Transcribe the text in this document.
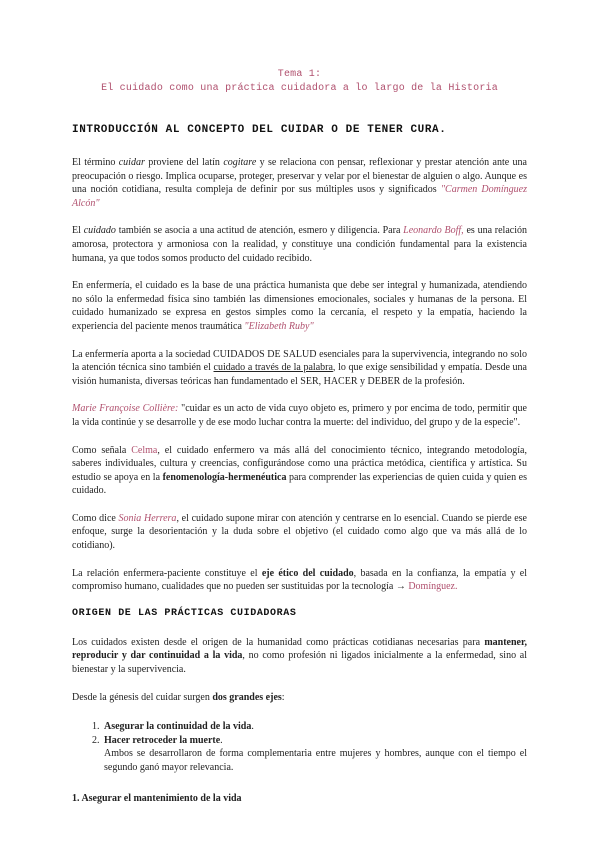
Tema 1:
El cuidado como una práctica cuidadora a lo largo de la Historia
INTRODUCCIÓN AL CONCEPTO DEL CUIDAR O DE TENER CURA.

El término cuidar proviene del latín cogitare y se relaciona con pensar, reflexionar y prestar atención ante una preocupación o riesgo. Implica ocuparse, proteger, preservar y velar por el bienestar de alguien o algo. Aunque es una noción cotidiana, resulta compleja de definir por sus múltiples usos y significados "Carmen Domínguez Alcón"

El cuidado también se asocia a una actitud de atención, esmero y diligencia. Para Leonardo Boff, es una relación amorosa, protectora y armoniosa con la realidad, y constituye una condición fundamental para la existencia humana, ya que todos somos producto del cuidado recibido.

En enfermería, el cuidado es la base de una práctica humanista que debe ser integral y humanizada, atendiendo no sólo la enfermedad física sino también las dimensiones emocionales, sociales y humanas de la persona. El cuidado humanizado se expresa en gestos simples como la cercanía, el respeto y la empatía, haciendo la experiencia del paciente menos traumática "Elizabeth Ruby"

La enfermería aporta a la sociedad CUIDADOS DE SALUD esenciales para la supervivencia, integrando no solo la atención técnica sino también el cuidado a través de la palabra, lo que exige sensibilidad y empatía. Desde una visión humanista, diversas teóricas han fundamentado el SER, HACER y DEBER de la profesión.

Marie Françoise Collière: "cuidar es un acto de vida cuyo objeto es, primero y por encima de todo, permitir que la vida continúe y se desarrolle y de ese modo luchar contra la muerte: del individuo, del grupo y de la especie".

Como señala Celma, el cuidado enfermero va más allá del conocimiento técnico, integrando metodología, saberes individuales, cultura y creencias, configurándose como una práctica metódica, científica y artística. Su estudio se apoya en la fenomenología-hermenéutica para comprender las experiencias de quien cuida y quien es cuidado.

Como dice Sonia Herrera, el cuidado supone mirar con atención y centrarse en lo esencial. Cuando se pierde ese enfoque, surge la desorientación y la duda sobre el objetivo (el cuidado como algo que va más allá de lo cotidiano).

La relación enfermera-paciente constituye el eje ético del cuidado, basada en la confianza, la empatía y el compromiso humano, cualidades que no pueden ser sustituidas por la tecnología → Domínguez.

ORIGEN DE LAS PRÁCTICAS CUIDADORAS

Los cuidados existen desde el origen de la humanidad como prácticas cotidianas necesarias para mantener, reproducir y dar continuidad a la vida, no como profesión ni ligados inicialmente a la enfermedad, sino al bienestar y la supervivencia.

Desde la génesis del cuidar surgen dos grandes ejes:

1. Asegurar la continuidad de la vida.
2. Hacer retroceder la muerte.
Ambos se desarrollaron de forma complementaria entre mujeres y hombres, aunque con el tiempo el segundo ganó mayor relevancia.
1. Asegurar el mantenimiento de la vida
